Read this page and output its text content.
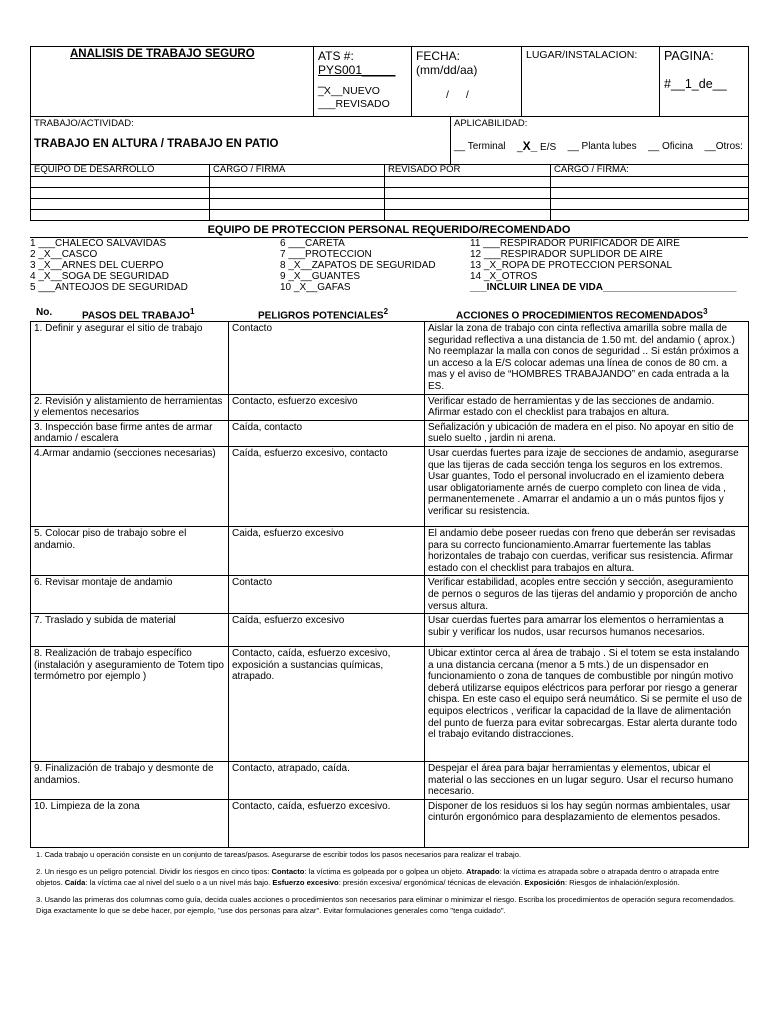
ANALISIS DE TRABAJO SEGURO	ATS #:
PYS001_____
_
_X__NUEVO
___REVISADO

FECHA:
(mm/dd/aa)
/ /

LUGAR/INSTALACION:	PAGINA:
#__1_de__
TRABAJO/ACTIVIDAD:
TRABAJO EN ALTURA / TRABAJO EN PATIO

APLICABILIDAD:
__ Terminal _X_ E/S __ Planta lubes __ Oficina __Otros:
EQUIPO DE DESARROLLO	CARGO / FIRMA	REVISADO POR	CARGO / FIRMA:

EQUIPO DE PROTECCION PERSONAL REQUERIDO/RECOMENDADO
1 ___CHALECO SALVAVIDAS
2 _X__CASCO
3 _X__ARNES DEL CUERPO
4 _X__SOGA DE SEGURIDAD
5 ___ANTEOJOS DE SEGURIDAD
6 ___CARETA
7 ___PROTECCION
8 _X__ZAPATOS DE SEGURIDAD
9 _X__GUANTES
10 _X__GAFAS
11 ___RESPIRADOR PURIFICADOR DE AIRE
12 ___RESPIRADOR SUPLIDOR DE AIRE
13 _X_ROPA DE PROTECCION PERSONAL
14 _X_OTROS
___INCLUIR LINEA DE VIDA________________________
No.	PASOS DEL TRABAJO$^1$	PELIGROS POTENCIALES$^2$	ACCIONES O PROCEDIMIENTOS RECOMENDADOS$^3$
1. Definir y asegurar el sitio de trabajo	Contacto	Aislar la zona de trabajo con cinta reflectiva amarilla sobre malla de seguridad reflectiva a una distancia de 1.50 mt. del andamio ( aprox.) No reemplazar la malla con conos de seguridad .. Si están próximos a un acceso a la E/S colocar ademas una línea de conos de 80 cm. a mas y el aviso de “HOMBRES TRABAJANDO” en cada entrada a la ES.
2. Revisión y alistamiento de herramientas y elementos necesarios	Contacto, esfuerzo excesivo	Verificar estado de herramientas y de las secciones de andamio. Afirmar estado con el checklist para trabajos en altura.
3. Inspección base firme antes de armar andamio / escalera	Caída, contacto	Señalización y ubicación de madera en el piso. No apoyar en sitio de suelo suelto , jardin ni arena.
4.Armar andamio (secciones necesarias)	Caída, esfuerzo excesivo, contacto	Usar cuerdas fuertes para izaje de secciones de andamio, asegurarse que las tijeras de cada sección tenga los seguros en los extremos. Usar guantes, Todo el personal involucrado en el izamiento debera usar obligatoriamente arnés de cuerpo completo con linea de vida , permanentemenete . Amarrar el andamio a un o más puntos fijos y verificar su resistencia.
5. Colocar piso de trabajo sobre el andamio.	Caida, esfuerzo excesivo	El andamio debe poseer ruedas con freno que deberán ser revisadas para su correcto funcionamiento.Amarrar fuertemente las tablas horizontales de trabajo con cuerdas, verificar sus resistencia. Afirmar estado con el checklist para trabajos en altura.
6. Revisar montaje de andamio	Contacto	Verificar estabilidad, acoples entre sección y sección, aseguramiento de pernos o seguros de las tijeras del andamio y proporción de ancho versus altura.
7. Traslado y subida de material	Caída, esfuerzo excesivo	Usar cuerdas fuertes para amarrar los elementos o herramientas a subir y verificar los nudos, usar recursos humanos necesarios.
8. Realización de trabajo específico (instalación y aseguramiento de Totem tipo termómetro por ejemplo )	Contacto, caída, esfuerzo excesivo, exposición a sustancias químicas, atrapado.	Ubicar extintor cerca al área de trabajo . Si el totem se esta instalando a una distancia cercana (menor a 5 mts.) de un dispensador en funcionamiento o zona de tanques de combustible por ningún motivo deberá utilizarse equipos eléctricos para perforar por riesgo a generar chispa. En este caso el equipo será neumático. Si se permite el uso de equipos electricos , verificar la capacidad de la llave de alimentación del punto de fuerza para evitar sobrecargas. Estar alerta durante todo el trabajo evitando distracciones.
9. Finalización de trabajo y desmonte de andamios.	Contacto, atrapado, caída.	Despejar el área para bajar herramientas y elementos, ubicar el material o las secciones en un lugar seguro. Usar el recurso humano necesario.
10. Limpieza de la zona	Contacto, caída, esfuerzo excesivo.	Disponer de los residuos si los hay según normas ambientales, usar cinturón ergonómico para desplazamiento de elementos pesados.

1. Cada trabajo u operación consiste en un conjunto de tareas/pasos. Asegurarse de escribir todos los pasos necesarios para realizar el trabajo.

2. Un riesgo es un peligro potencial. Dividir los riesgos en cinco tipos: Contacto: la víctima es golpeada por o golpea un objeto. Atrapado: la víctima es atrapada sobre o atrapada dentro o atrapada entre objetos. Caída: la víctima cae al nivel del suelo o a un nivel más bajo. Esfuerzo excesivo: presión excesiva/ ergonómica/ técnicas de elevación. Exposición: Riesgos de inhalación/explosión.

3. Usando las primeras dos columnas como guía, decida cuales acciones o procedimientos son necesarios para eliminar o minimizar el riesgo. Escriba los procedimientos de operación segura recomendados. Diga exactamente lo que se debe hacer, por ejemplo, "use dos personas para alzar". Evitar formulaciones generales como "tenga cuidado".
